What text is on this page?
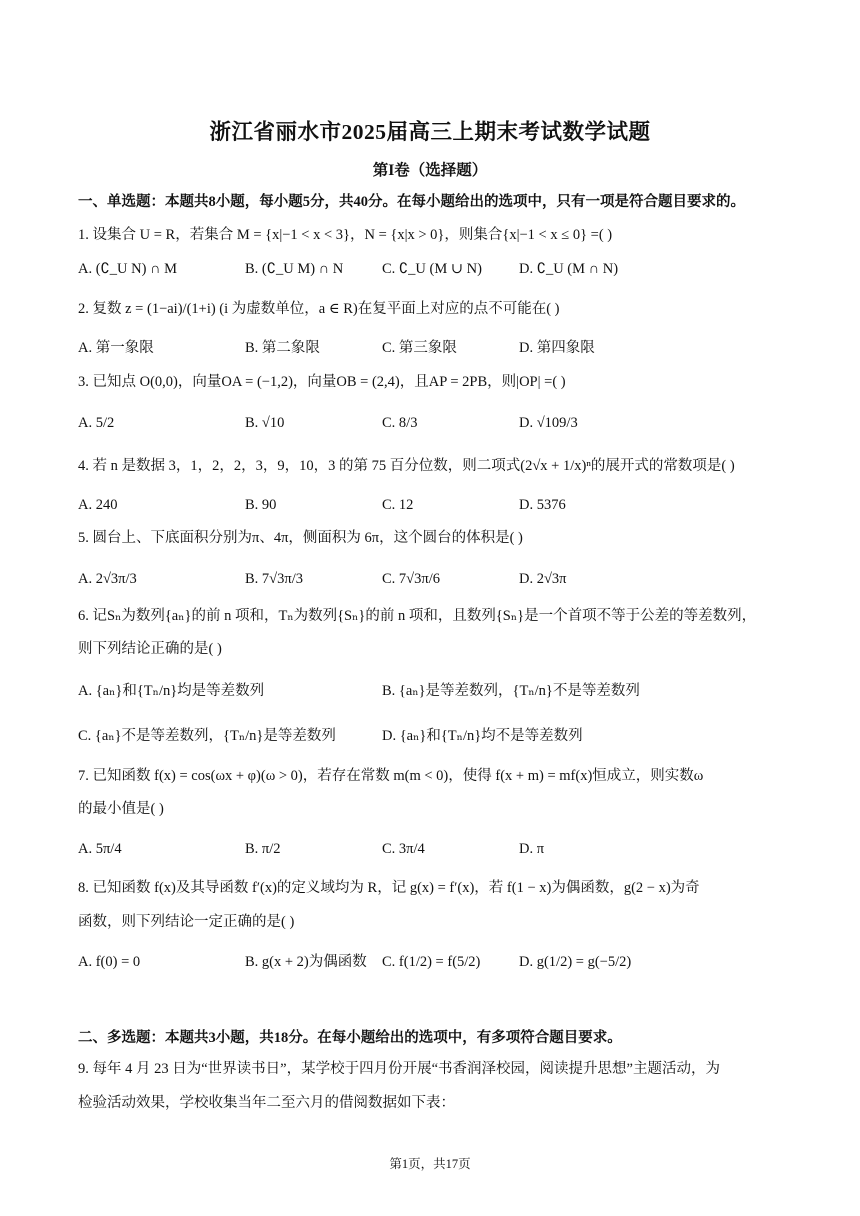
浙江省丽水市2025届高三上期末考试数学试题
第I卷（选择题）
一、单选题：本题共8小题，每小题5分，共40分。在每小题给出的选项中，只有一项是符合题目要求的。
1. 设集合 U = R，若集合 M = {x|−1 < x < 3}，N = {x|x > 0}，则集合{x|−1 < x ≤ 0} =( )
A. (∁_U N) ∩ M	B. (∁_U M) ∩ N	C. ∁_U (M ∪ N)	D. ∁_U (M ∩ N)
2. 复数 z = (1−ai)/(1+i) (i 为虚数单位，a ∈ R)在复平面上对应的点不可能在( )
A. 第一象限	B. 第二象限	C. 第三象限	D. 第四象限
3. 已知点 O(0,0)，向量OA = (−1,2)，向量OB = (2,4)，且AP = 2PB，则|OP| =( )
A. 5/2	B. √10	C. 8/3	D. √109/3
4. 若 n 是数据 3，1，2，2，3，9，10，3 的第 75 百分位数，则二项式(2√x + 1/x)ⁿ的展开式的常数项是( )
A. 240	B. 90	C. 12	D. 5376
5. 圆台上、下底面积分别为π、4π，侧面积为 6π，这个圆台的体积是( )
A. 2√3π/3	B. 7√3π/3	C. 7√3π/6	D. 2√3π
6. 记Sₙ为数列{aₙ}的前 n 项和，Tₙ为数列{Sₙ}的前 n 项和，且数列{Sₙ}是一个首项不等于公差的等差数列，
则下列结论正确的是( )
A. {aₙ}和{Tₙ/n}均是等差数列	B. {aₙ}是等差数列，{Tₙ/n}不是等差数列
C. {aₙ}不是等差数列，{Tₙ/n}是等差数列	D. {aₙ}和{Tₙ/n}均不是等差数列
7. 已知函数 f(x) = cos(ωx + φ)(ω > 0)，若存在常数 m(m < 0)，使得 f(x + m) = mf(x)恒成立，则实数ω
的最小值是( )
A. 5π/4	B. π/2	C. 3π/4	D. π
8. 已知函数 f(x)及其导函数 f′(x)的定义域均为 R，记 g(x) = f′(x)，若 f(1 − x)为偶函数，g(2 − x)为奇
函数，则下列结论一定正确的是( )
A. f(0) = 0	B. g(x + 2)为偶函数 C. f(1/2) = f(5/2)	D. g(1/2) = g(−5/2)
二、多选题：本题共3小题，共18分。在每小题给出的选项中，有多项符合题目要求。
9. 每年 4 月 23 日为“世界读书日”，某学校于四月份开展“书香润泽校园，阅读提升思想”主题活动，为
检验活动效果，学校收集当年二至六月的借阅数据如下表：
第1页，共17页
